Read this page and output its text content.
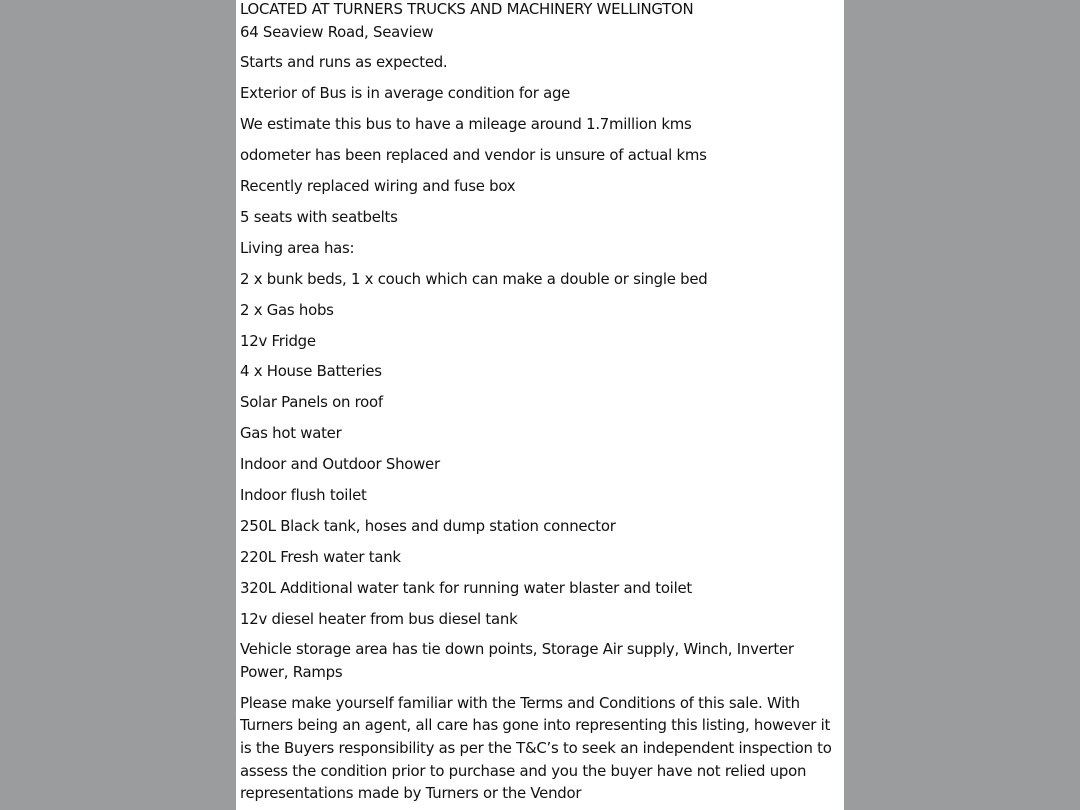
LOCATED AT TURNERS TRUCKS AND MACHINERY WELLINGTON

64 Seaview Road, Seaview

Starts and runs as expected.

Exterior of Bus is in average condition for age

We estimate this bus to have a mileage around 1.7million kms

odometer has been replaced and vendor is unsure of actual kms

Recently replaced wiring and fuse box

5 seats with seatbelts

Living area has:

2 x bunk beds, 1 x couch which can make a double or single bed

2 x Gas hobs

12v Fridge

4 x House Batteries

Solar Panels on roof

Gas hot water

Indoor and Outdoor Shower

Indoor flush toilet

250L Black tank, hoses and dump station connector

220L Fresh water tank

320L Additional water tank for running water blaster and toilet

12v diesel heater from bus diesel tank

Vehicle storage area has tie down points, Storage Air supply, Winch, Inverter Power, Ramps

Please make yourself familiar with the Terms and Conditions of this sale. With Turners being an agent, all care has gone into representing this listing, however it is the Buyers responsibility as per the T&C’s to seek an independent inspection to assess the condition prior to purchase and you the buyer have not relied upon representations made by Turners or the Vendor
